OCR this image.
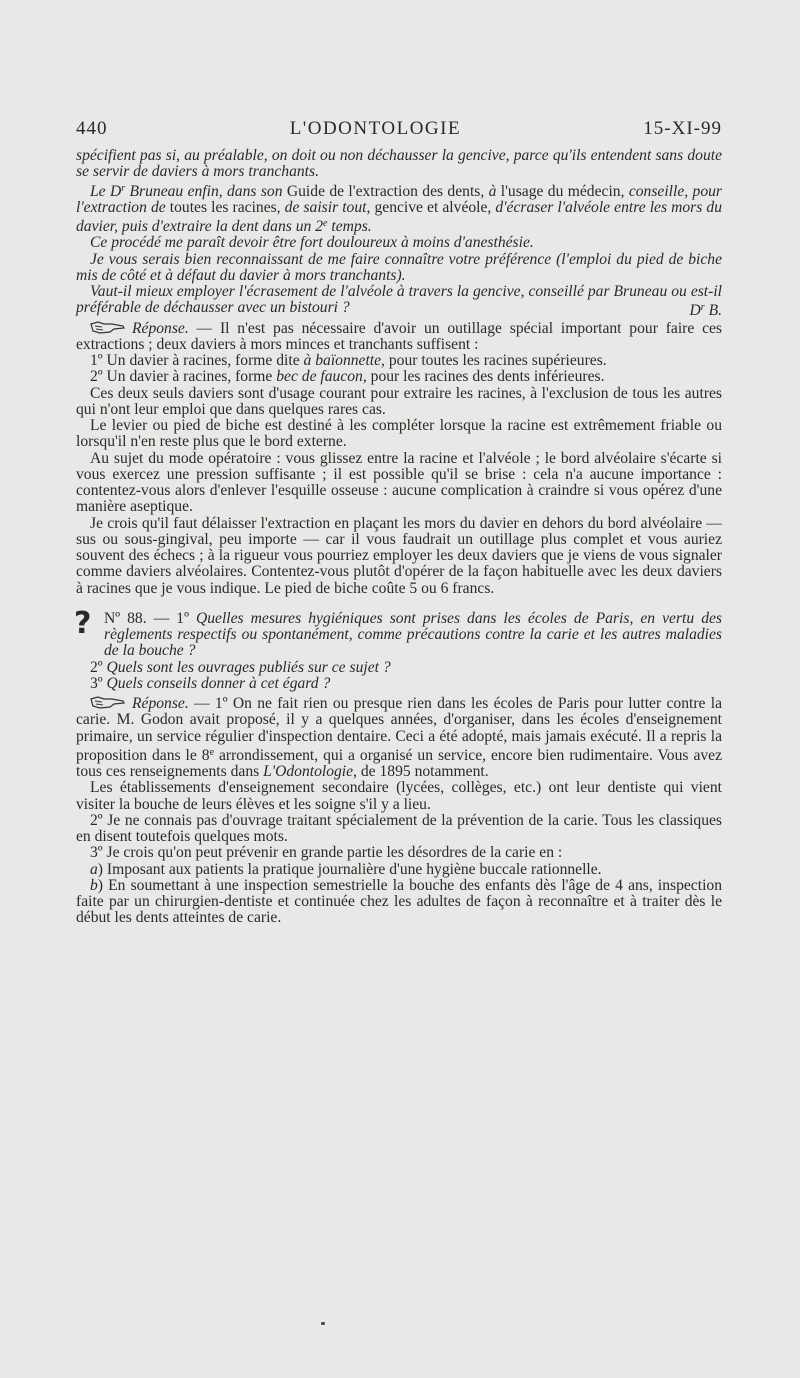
440	L'ODONTOLOGIE	15-XI-99

spécifient pas si, au préalable, on doit ou non déchausser la gencive, parce qu'ils entendent sans doute se servir de daviers à mors tranchants.

Le $D^r$ Bruneau enfin, dans son Guide de l'extraction des dents, à l'usage du médecin, conseille, pour l'extraction de toutes les racines, de saisir tout, gencive et alvéole, d'écraser l'alvéole entre les mors du davier, puis d'extraire la dent dans un 2e temps.

Ce procédé me paraît devoir être fort douloureux à moins d'anesthésie.

Je vous serais bien reconnaissant de me faire connaître votre préférence (l'emploi du pied de biche mis de côté et à défaut du davier à mors tranchants).

Vaut-il mieux employer l'écrasement de l'alvéole à travers la gencive, conseillé par Bruneau ou est-il préférable de déchausser avec un bistouri ?	$D^r$ B.

Réponse. — Il n'est pas nécessaire d'avoir un outillage spécial important pour faire ces extractions ; deux daviers à mors minces et tranchants suffisent :

1º Un davier à racines, forme dite à baïonnette, pour toutes les racines supérieures.

2º Un davier à racines, forme bec de faucon, pour les racines des dents inférieures.

Ces deux seuls daviers sont d'usage courant pour extraire les racines, à l'exclusion de tous les autres qui n'ont leur emploi que dans quelques rares cas.

Le levier ou pied de biche est destiné à les compléter lorsque la racine est extrêmement friable ou lorsqu'il n'en reste plus que le bord externe.

Au sujet du mode opératoire : vous glissez entre la racine et l'alvéole ; le bord alvéolaire s'écarte si vous exercez une pression suffisante ; il est possible qu'il se brise : cela n'a aucune importance : contentez-vous alors d'enlever l'esquille osseuse : aucune complication à craindre si vous opérez d'une manière aseptique.

Je crois qu'il faut délaisser l'extraction en plaçant les mors du davier en dehors du bord alvéolaire — sus ou sous-gingival, peu importe — car il vous faudrait un outillage plus complet et vous auriez souvent des échecs ; à la rigueur vous pourriez employer les deux daviers que je viens de vous signaler comme daviers alvéolaires. Contentez-vous plutôt d'opérer de la façon habituelle avec les deux daviers à racines que je vous indique. Le pied de biche coûte 5 ou 6 francs.

? Nº 88. — 1º Quelles mesures hygiéniques sont prises dans les écoles de Paris, en vertu des règlements respectifs ou spontanément, comme précautions contre la carie et les autres maladies de la bouche ?

2º Quels sont les ouvrages publiés sur ce sujet ?

3º Quels conseils donner à cet égard ?

Réponse. — 1º On ne fait rien ou presque rien dans les écoles de Paris pour lutter contre la carie. M. Godon avait proposé, il y a quelques années, d'organiser, dans les écoles d'enseignement primaire, un service régulier d'inspection dentaire. Ceci a été adopté, mais jamais exécuté. Il a repris la proposition dans le 8e arrondissement, qui a organisé un service, encore bien rudimentaire. Vous avez tous ces renseignements dans L'Odontologie, de 1895 notamment.

Les établissements d'enseignement secondaire (lycées, collèges, etc.) ont leur dentiste qui vient visiter la bouche de leurs élèves et les soigne s'il y a lieu.

2º Je ne connais pas d'ouvrage traitant spécialement de la prévention de la carie. Tous les classiques en disent toutefois quelques mots.

3º Je crois qu'on peut prévenir en grande partie les désordres de la carie en :

a) Imposant aux patients la pratique journalière d'une hygiène buccale rationnelle.

b) En soumettant à une inspection semestrielle la bouche des enfants dès l'âge de 4 ans, inspection faite par un chirurgien-dentiste et continuée chez les adultes de façon à reconnaître et à traiter dès le début les dents atteintes de carie.
